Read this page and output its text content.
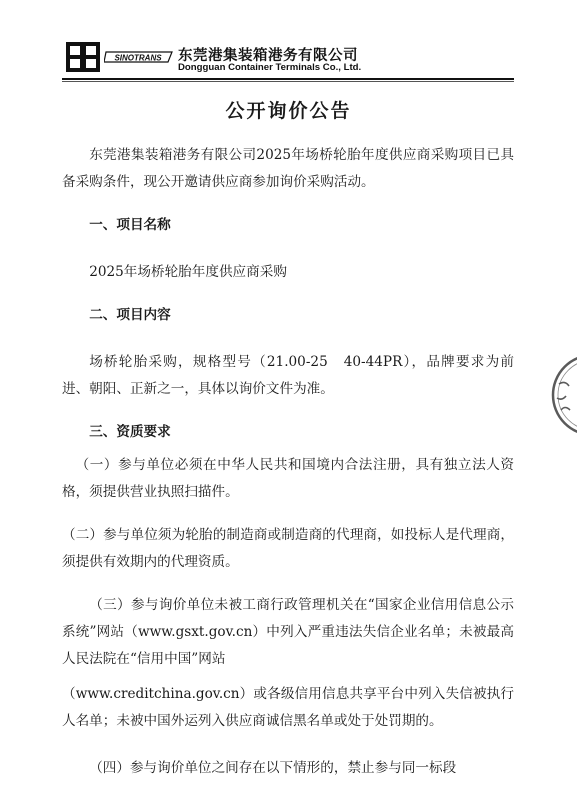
SINOTRANS 东莞港集装箱港务有限公司
Dongguan Container Terminals Co., Ltd.
公开询价公告

东莞港集装箱港务有限公司2025年场桥轮胎年度供应商采购项目已具备采购条件，现公开邀请供应商参加询价采购活动。

一、项目名称

2025年场桥轮胎年度供应商采购

二、项目内容

场桥轮胎采购，规格型号（21.00-25　40-44PR），品牌要求为前进、朝阳、正新之一，具体以询价文件为准。

三、资质要求

（一）参与单位必须在中华人民共和国境内合法注册，具有独立法人资格，须提供营业执照扫描件。

（二）参与单位须为轮胎的制造商或制造商的代理商，如投标人是代理商，须提供有效期内的代理资质。

（三）参与询价单位未被工商行政管理机关在“国家企业信用信息公示系统”网站（www.gsxt.gov.cn）中列入严重违法失信企业名单；未被最高人民法院在“信用中国”网站

（www.creditchina.gov.cn）或各级信用信息共享平台中列入失信被执行人名单；未被中国外运列入供应商诚信黑名单或处于处罚期的。

（四）参与询价单位之间存在以下情形的，禁止参与同一标段
